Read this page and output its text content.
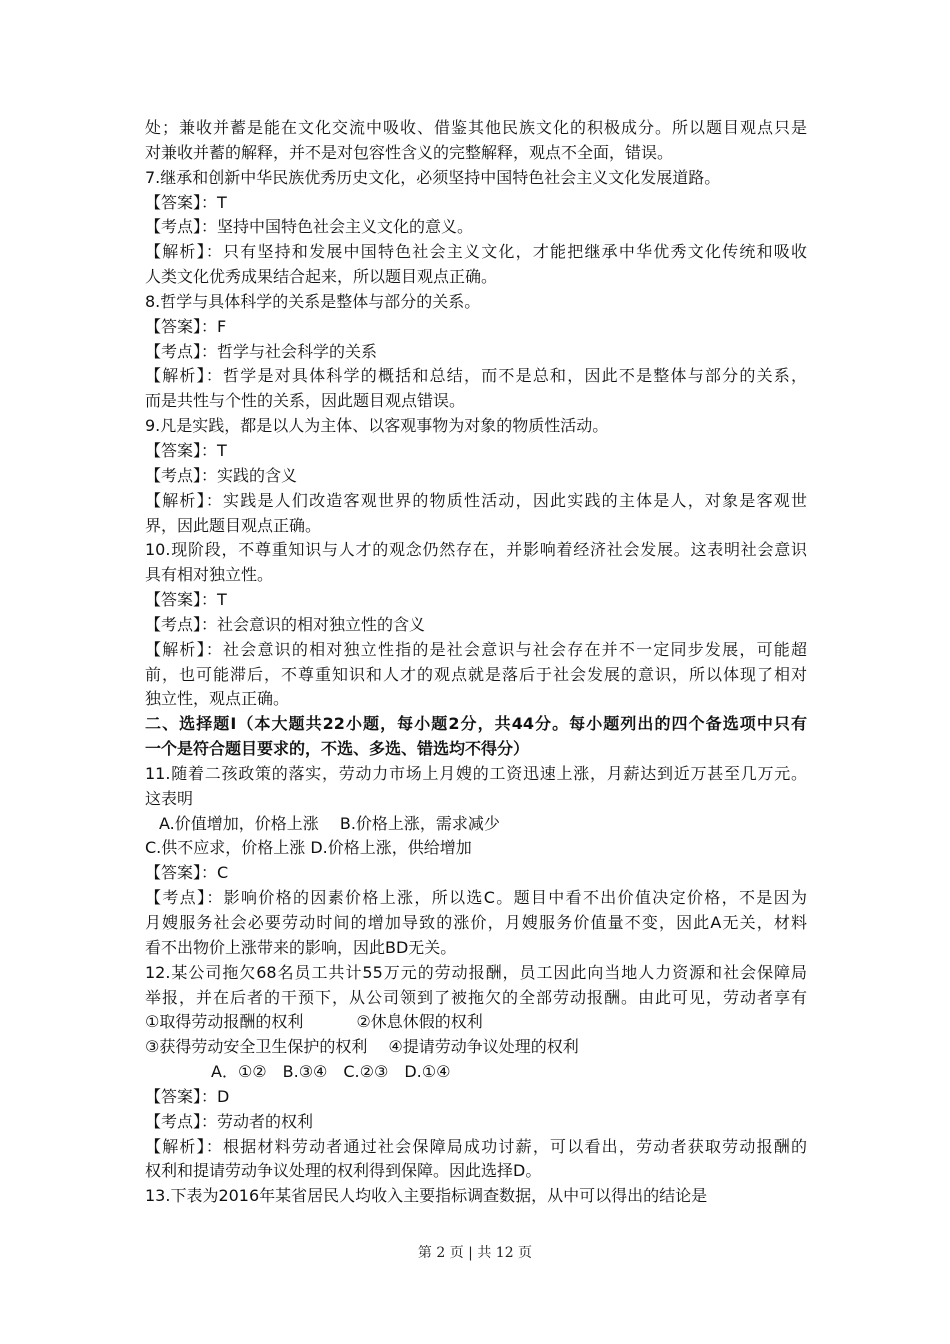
处；兼收并蓄是能在文化交流中吸收、借鉴其他民族文化的积极成分。所以题目观点只是
对兼收并蓄的解释，并不是对包容性含义的完整解释，观点不全面，错误。
7.继承和创新中华民族优秀历史文化，必须坚持中国特色社会主义文化发展道路。
【答案】：T
【考点】：坚持中国特色社会主义文化的意义。
【解析】：只有坚持和发展中国特色社会主义文化，才能把继承中华优秀文化传统和吸收
人类文化优秀成果结合起来，所以题目观点正确。
8.哲学与具体科学的关系是整体与部分的关系。
【答案】：F
【考点】：哲学与社会科学的关系
【解析】：哲学是对具体科学的概括和总结，而不是总和，因此不是整体与部分的关系，
而是共性与个性的关系，因此题目观点错误。
9.凡是实践，都是以人为主体、以客观事物为对象的物质性活动。
【答案】：T
【考点】：实践的含义
【解析】：实践是人们改造客观世界的物质性活动，因此实践的主体是人，对象是客观世
界，因此题目观点正确。
10.现阶段，不尊重知识与人才的观念仍然存在，并影响着经济社会发展。这表明社会意识
具有相对独立性。
【答案】：T
【考点】：社会意识的相对独立性的含义
【解析】：社会意识的相对独立性指的是社会意识与社会存在并不一定同步发展，可能超
前，也可能滞后，不尊重知识和人才的观点就是落后于社会发展的意识，所以体现了相对
独立性，观点正确。
二、选择题Ⅰ（本大题共22小题，每小题2分，共44分。每小题列出的四个备选项中只有
一个是符合题目要求的，不选、多选、错选均不得分）
11.随着二孩政策的落实，劳动力市场上月嫂的工资迅速上涨，月薪达到近万甚至几万元。
这表明
A.价值增加，价格上涨　 B.价格上涨，需求减少
C.供不应求，价格上涨 D.价格上涨，供给增加
【答案】：C
【考点】：影响价格的因素价格上涨，所以选C。题目中看不出价值决定价格，不是因为
月嫂服务社会必要劳动时间的增加导致的涨价，月嫂服务价值量不变，因此A无关，材料
看不出物价上涨带来的影响，因此BD无关。
12.某公司拖欠68名员工共计55万元的劳动报酬，员工因此向当地人力资源和社会保障局
举报，并在后者的干预下，从公司领到了被拖欠的全部劳动报酬。由此可见，劳动者享有
①取得劳动报酬的权利　　　 ②休息休假的权利
③获得劳动安全卫生保护的权利　 ④提请劳动争议处理的权利
A．①②　B.③④　C.②③　D.①④
【答案】：D
【考点】：劳动者的权利
【解析】：根据材料劳动者通过社会保障局成功讨薪，可以看出，劳动者获取劳动报酬的
权利和提请劳动争议处理的权利得到保障。因此选择D。
13.下表为2016年某省居民人均收入主要指标调查数据，从中可以得出的结论是
第 2 页 | 共 12 页
